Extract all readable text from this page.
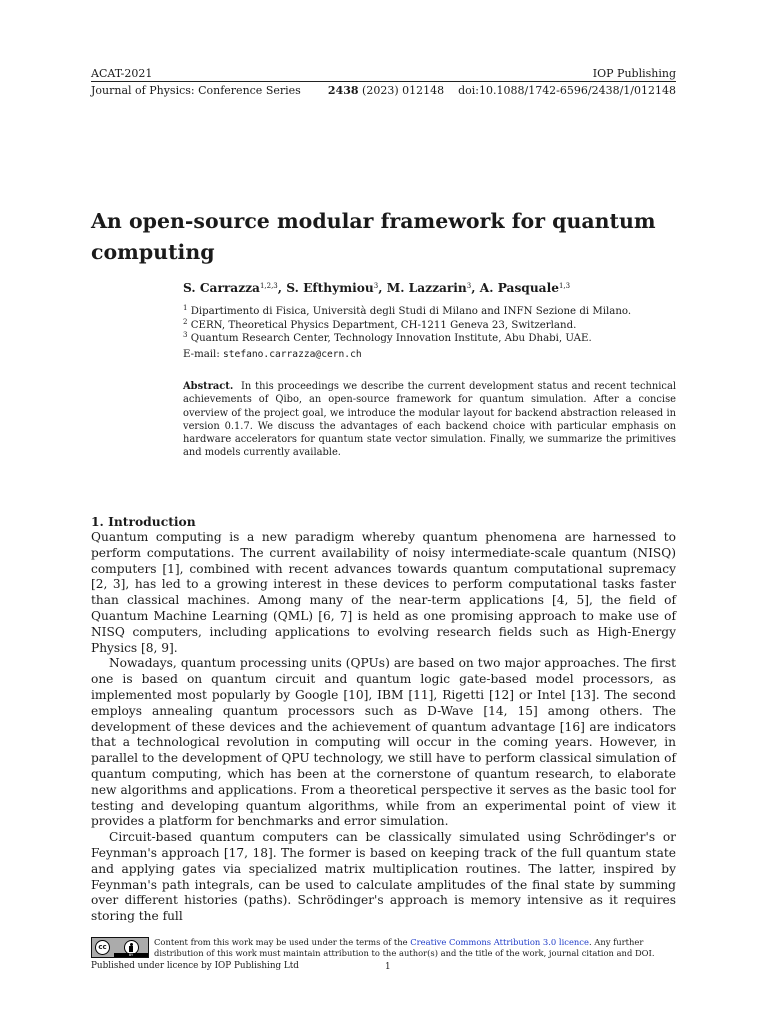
ACAT-2021	IOP Publishing
Journal of Physics: Conference Series 2438 (2023) 012148 doi:10.1088/1742-6596/2438/1/012148
An open-source modular framework for quantum computing
S. Carrazza$^{1,2,3}$, S. Efthymiou$^3$, M. Lazzarin$^3$, A. Pasquale$^{1,3}$
$^1$ Dipartimento di Fisica, Università degli Studi di Milano and INFN Sezione di Milano.
$^2$ CERN, Theoretical Physics Department, CH-1211 Geneva 23, Switzerland.
$^3$ Quantum Research Center, Technology Innovation Institute, Abu Dhabi, UAE.
E-mail: stefano.carrazza@cern.ch
Abstract. In this proceedings we describe the current development status and recent technical achievements of Qibo, an open-source framework for quantum simulation. After a concise overview of the project goal, we introduce the modular layout for backend abstraction released in version 0.1.7. We discuss the advantages of each backend choice with particular emphasis on hardware accelerators for quantum state vector simulation. Finally, we summarize the primitives and models currently available.
1. Introduction

Quantum computing is a new paradigm whereby quantum phenomena are harnessed to perform computations. The current availability of noisy intermediate-scale quantum (NISQ) computers [1], combined with recent advances towards quantum computational supremacy [2, 3], has led to a growing interest in these devices to perform computational tasks faster than classical machines. Among many of the near-term applications [4, 5], the field of Quantum Machine Learning (QML) [6, 7] is held as one promising approach to make use of NISQ computers, including applications to evolving research fields such as High-Energy Physics [8, 9].

Nowadays, quantum processing units (QPUs) are based on two major approaches. The first one is based on quantum circuit and quantum logic gate-based model processors, as implemented most popularly by Google [10], IBM [11], Rigetti [12] or Intel [13]. The second employs annealing quantum processors such as D-Wave [14, 15] among others. The development of these devices and the achievement of quantum advantage [16] are indicators that a technological revolution in computing will occur in the coming years. However, in parallel to the development of QPU technology, we still have to perform classical simulation of quantum computing, which has been at the cornerstone of quantum research, to elaborate new algorithms and applications. From a theoretical perspective it serves as the basic tool for testing and developing quantum algorithms, while from an experimental point of view it provides a platform for benchmarks and error simulation.

Circuit-based quantum computers can be classically simulated using Schrödinger's or Feynman's approach [17, 18]. The former is based on keeping track of the full quantum state and applying gates via specialized matrix multiplication routines. The latter, inspired by Feynman's path integrals, can be used to calculate amplitudes of the final state by summing over different histories (paths). Schrödinger's approach is memory intensive as it requires storing the full

cc
BY
Content from this work may be used under the terms of the Creative Commons Attribution 3.0 licence. Any further distribution of this work must maintain attribution to the author(s) and the title of the work, journal citation and DOI.
Published under licence by IOP Publishing Ltd	1
